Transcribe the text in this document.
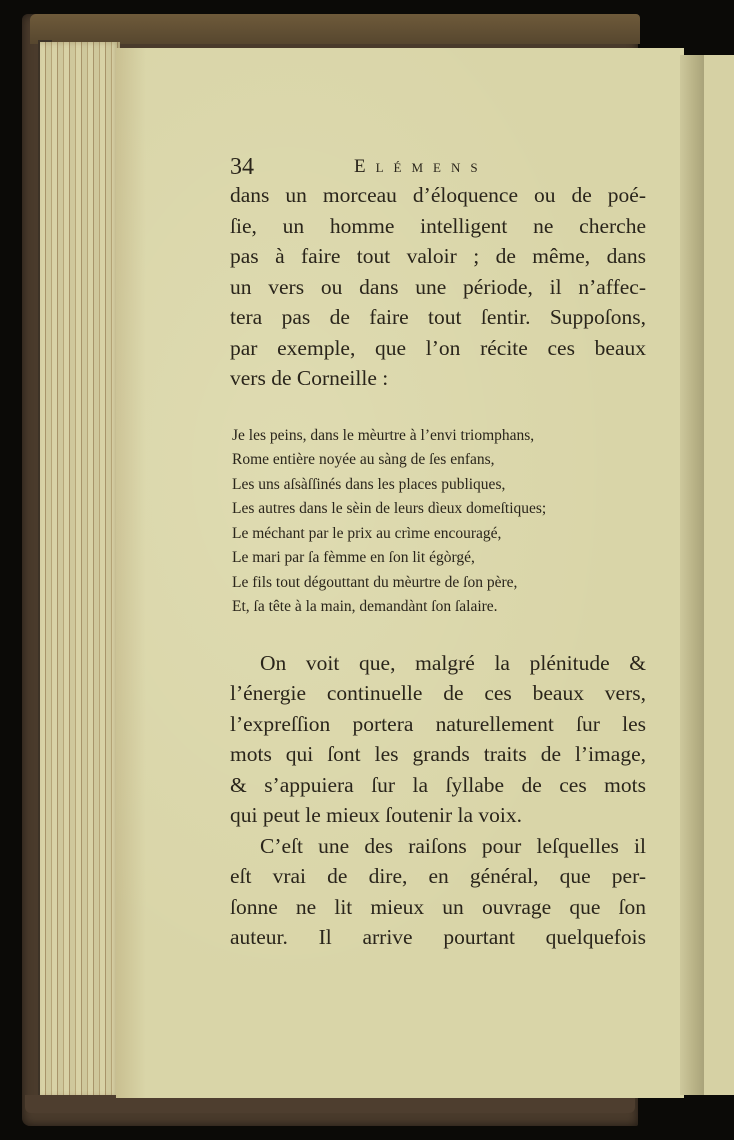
34	Elémens

dans un morceau d’éloquence ou de poé-

ſie, un homme intelligent ne cherche

pas à faire tout valoir ; de même, dans

un vers ou dans une période, il n’affec-

tera pas de faire tout ſentir. Suppoſons,

par exemple, que l’on récite ces beaux

vers de Corneille :

Je les peins, dans le mèurtre à l’envi triomphans,
Rome entière noyée au sàng de ſes enfans,
Les uns aſsàſſinés dans les places publiques,
Les autres dans le sèin de leurs dìeux domeſtiques;
Le méchant par le prix au crìme encouragé,
Le mari par ſa fèmme en ſon lit égòrgé,
Le fils tout dégouttant du mèurtre de ſon père,
Et, ſa tête à la main, demandànt ſon ſalaire.

On voit que, malgré la plénitude &

l’énergie continuelle de ces beaux vers,

l’expreſſion portera naturellement ſur les

mots qui ſont les grands traits de l’image,

& s’appuiera ſur la ſyllabe de ces mots

qui peut le mieux ſoutenir la voix.

C’eſt une des raiſons pour leſquelles il

eſt vrai de dire, en général, que per-

ſonne ne lit mieux un ouvrage que ſon

auteur. Il arrive pourtant quelquefois
